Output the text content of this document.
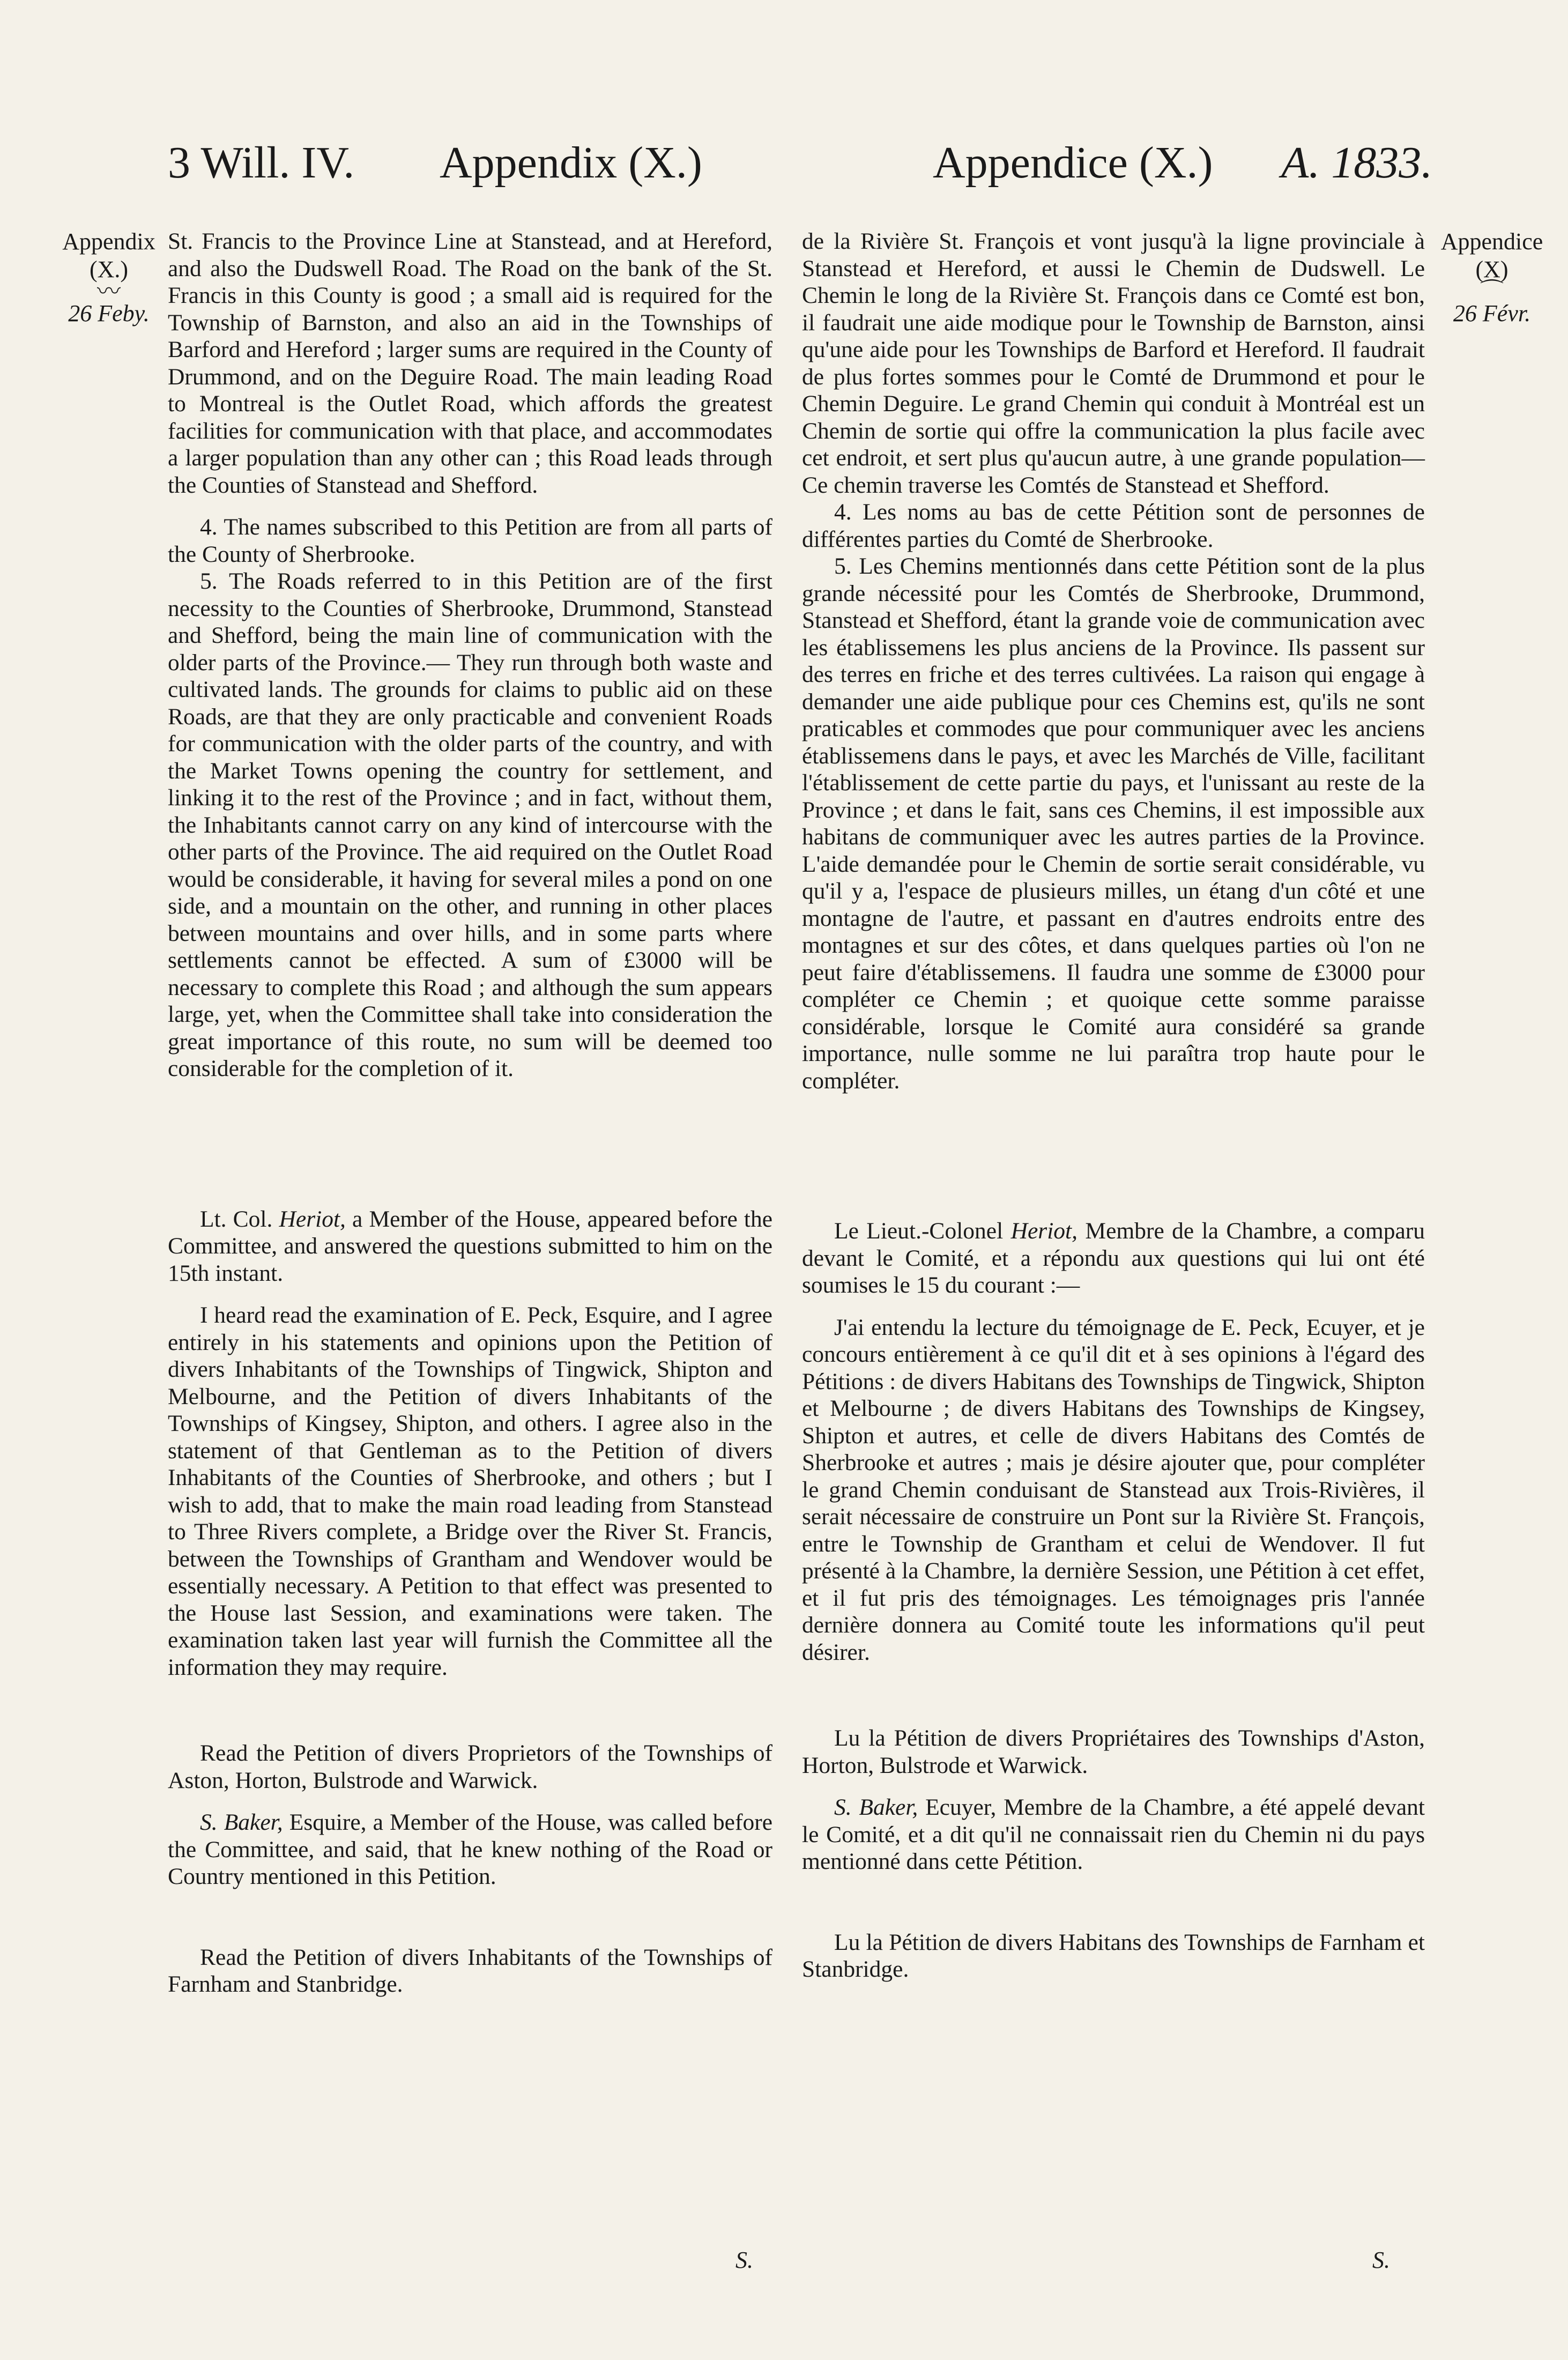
3 Will. IV. Appendix (X.)	Appendice (X.) A. 1833.
Appendix
(X.)
〰
26 Feby.
Appendice
(X)
⌒
26 Févr.

St. Francis to the Province Line at Stanstead, and at Hereford, and also the Dudswell Road. The Road on the bank of the St. Francis in this County is good ; a small aid is required for the Township of Barnston, and also an aid in the Townships of Barford and Hereford ; larger sums are required in the County of Drummond, and on the Deguire Road. The main leading Road to Montreal is the Outlet Road, which affords the greatest facilities for communication with that place, and accommodates a larger population than any other can ; this Road leads through the Counties of Stanstead and Shefford.

4. The names subscribed to this Petition are from all parts of the County of Sherbrooke.

5. The Roads referred to in this Petition are of the first necessity to the Counties of Sherbrooke, Drummond, Stanstead and Shefford, being the main line of communication with the older parts of the Province.— They run through both waste and cultivated lands. The grounds for claims to public aid on these Roads, are that they are only practicable and convenient Roads for communication with the older parts of the country, and with the Market Towns opening the country for settlement, and linking it to the rest of the Province ; and in fact, without them, the Inhabitants cannot carry on any kind of intercourse with the other parts of the Province. The aid required on the Outlet Road would be considerable, it having for several miles a pond on one side, and a mountain on the other, and running in other places between mountains and over hills, and in some parts where settlements cannot be effected. A sum of £3000 will be necessary to complete this Road ; and although the sum appears large, yet, when the Committee shall take into consideration the great importance of this route, no sum will be deemed too considerable for the completion of it.

Lt. Col. Heriot, a Member of the House, appeared before the Committee, and answered the questions submitted to him on the 15th instant.

I heard read the examination of E. Peck, Esquire, and I agree entirely in his statements and opinions upon the Petition of divers Inhabitants of the Townships of Tingwick, Shipton and Melbourne, and the Petition of divers Inhabitants of the Townships of Kingsey, Shipton, and others. I agree also in the statement of that Gentleman as to the Petition of divers Inhabitants of the Counties of Sherbrooke, and others ; but I wish to add, that to make the main road leading from Stanstead to Three Rivers complete, a Bridge over the River St. Francis, between the Townships of Grantham and Wendover would be essentially necessary. A Petition to that effect was presented to the House last Session, and examinations were taken. The examination taken last year will furnish the Committee all the information they may require.

Read the Petition of divers Proprietors of the Townships of Aston, Horton, Bulstrode and Warwick.

S. Baker, Esquire, a Member of the House, was called before the Committee, and said, that he knew nothing of the Road or Country mentioned in this Petition.

Read the Petition of divers Inhabitants of the Townships of Farnham and Stanbridge.

S.

de la Rivière St. François et vont jusqu'à la ligne provinciale à Stanstead et Hereford, et aussi le Chemin de Dudswell. Le Chemin le long de la Rivière St. François dans ce Comté est bon, il faudrait une aide modique pour le Township de Barnston, ainsi qu'une aide pour les Townships de Barford et Hereford. Il faudrait de plus fortes sommes pour le Comté de Drummond et pour le Chemin Deguire. Le grand Chemin qui conduit à Montréal est un Chemin de sortie qui offre la communication la plus facile avec cet endroit, et sert plus qu'aucun autre, à une grande population— Ce chemin traverse les Comtés de Stanstead et Shefford.

4. Les noms au bas de cette Pétition sont de personnes de différentes parties du Comté de Sherbrooke.

5. Les Chemins mentionnés dans cette Pétition sont de la plus grande nécessité pour les Comtés de Sherbrooke, Drummond, Stanstead et Shefford, étant la grande voie de communication avec les établissemens les plus anciens de la Province. Ils passent sur des terres en friche et des terres cultivées. La raison qui engage à demander une aide publique pour ces Chemins est, qu'ils ne sont praticables et commodes que pour communiquer avec les anciens établissemens dans le pays, et avec les Marchés de Ville, facilitant l'établissement de cette partie du pays, et l'unissant au reste de la Province ; et dans le fait, sans ces Chemins, il est impossible aux habitans de communiquer avec les autres parties de la Province. L'aide demandée pour le Chemin de sortie serait considérable, vu qu'il y a, l'espace de plusieurs milles, un étang d'un côté et une montagne de l'autre, et passant en d'autres endroits entre des montagnes et sur des côtes, et dans quelques parties où l'on ne peut faire d'établissemens. Il faudra une somme de £3000 pour compléter ce Chemin ; et quoique cette somme paraisse considérable, lorsque le Comité aura considéré sa grande importance, nulle somme ne lui paraîtra trop haute pour le compléter.

Le Lieut.-Colonel Heriot, Membre de la Chambre, a comparu devant le Comité, et a répondu aux questions qui lui ont été soumises le 15 du courant :—

J'ai entendu la lecture du témoignage de E. Peck, Ecuyer, et je concours entièrement à ce qu'il dit et à ses opinions à l'égard des Pétitions : de divers Habitans des Townships de Tingwick, Shipton et Melbourne ; de divers Habitans des Townships de Kingsey, Shipton et autres, et celle de divers Habitans des Comtés de Sherbrooke et autres ; mais je désire ajouter que, pour compléter le grand Chemin conduisant de Stanstead aux Trois-Rivières, il serait nécessaire de construire un Pont sur la Rivière St. François, entre le Township de Grantham et celui de Wendover. Il fut présenté à la Chambre, la dernière Session, une Pétition à cet effet, et il fut pris des témoignages. Les témoignages pris l'année dernière donnera au Comité toute les informations qu'il peut désirer.

Lu la Pétition de divers Propriétaires des Townships d'Aston, Horton, Bulstrode et Warwick.

S. Baker, Ecuyer, Membre de la Chambre, a été appelé devant le Comité, et a dit qu'il ne connaissait rien du Chemin ni du pays mentionné dans cette Pétition.

Lu la Pétition de divers Habitans des Townships de Farnham et Stanbridge.

S.
